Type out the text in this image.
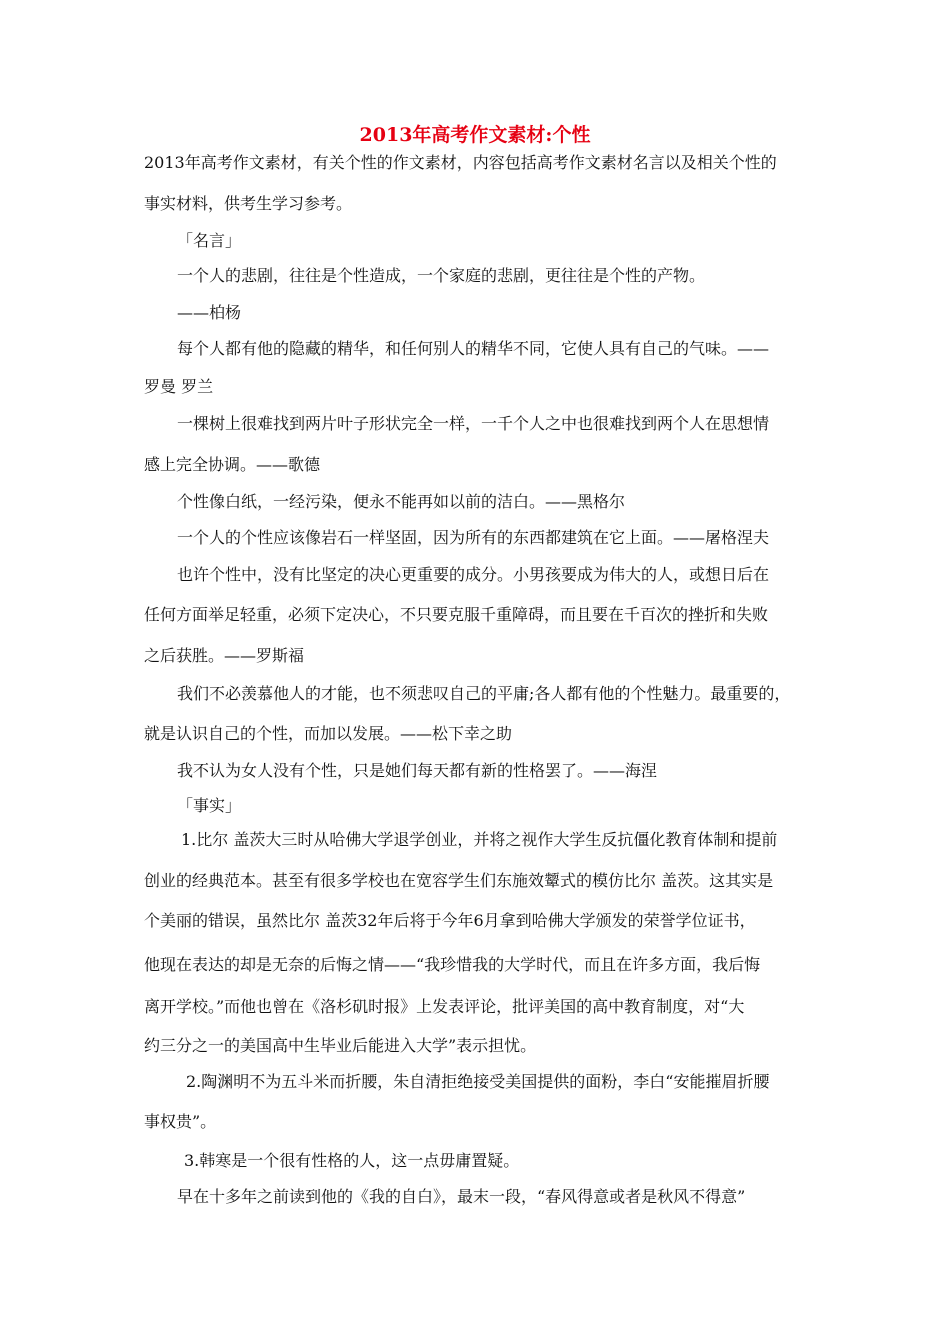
2013年高考作文素材:个性
2013年高考作文素材，有关个性的作文素材，内容包括高考作文素材名言以及相关个性的
事实材料，供考生学习参考。
「名言」
一个人的悲剧，往往是个性造成，一个家庭的悲剧，更往往是个性的产物。
——柏杨
每个人都有他的隐藏的精华，和任何别人的精华不同，它使人具有自己的气味。——
罗曼 罗兰
一棵树上很难找到两片叶子形状完全一样，一千个人之中也很难找到两个人在思想情
感上完全协调。——歌德
个性像白纸，一经污染，便永不能再如以前的洁白。——黑格尔
一个人的个性应该像岩石一样坚固，因为所有的东西都建筑在它上面。——屠格涅夫
也许个性中，没有比坚定的决心更重要的成分。小男孩要成为伟大的人，或想日后在
任何方面举足轻重，必须下定决心，不只要克服千重障碍，而且要在千百次的挫折和失败
之后获胜。——罗斯福
我们不必羡慕他人的才能，也不须悲叹自己的平庸;各人都有他的个性魅力。最重要的，
就是认识自己的个性，而加以发展。——松下幸之助
我不认为女人没有个性，只是她们每天都有新的性格罢了。——海涅
「事实」
1.比尔 盖茨大三时从哈佛大学退学创业，并将之视作大学生反抗僵化教育体制和提前
创业的经典范本。甚至有很多学校也在宽容学生们东施效颦式的模仿比尔 盖茨。这其实是
个美丽的错误，虽然比尔 盖茨32年后将于今年6月拿到哈佛大学颁发的荣誉学位证书，
他现在表达的却是无奈的后悔之情——“我珍惜我的大学时代，而且在许多方面，我后悔
离开学校。”而他也曾在《洛杉矶时报》上发表评论，批评美国的高中教育制度，对“大
约三分之一的美国高中生毕业后能进入大学”表示担忧。
2.陶渊明不为五斗米而折腰，朱自清拒绝接受美国提供的面粉，李白“安能摧眉折腰
事权贵”。
3.韩寒是一个很有性格的人，这一点毋庸置疑。
早在十多年之前读到他的《我的自白》，最末一段，“春风得意或者是秋风不得意”
